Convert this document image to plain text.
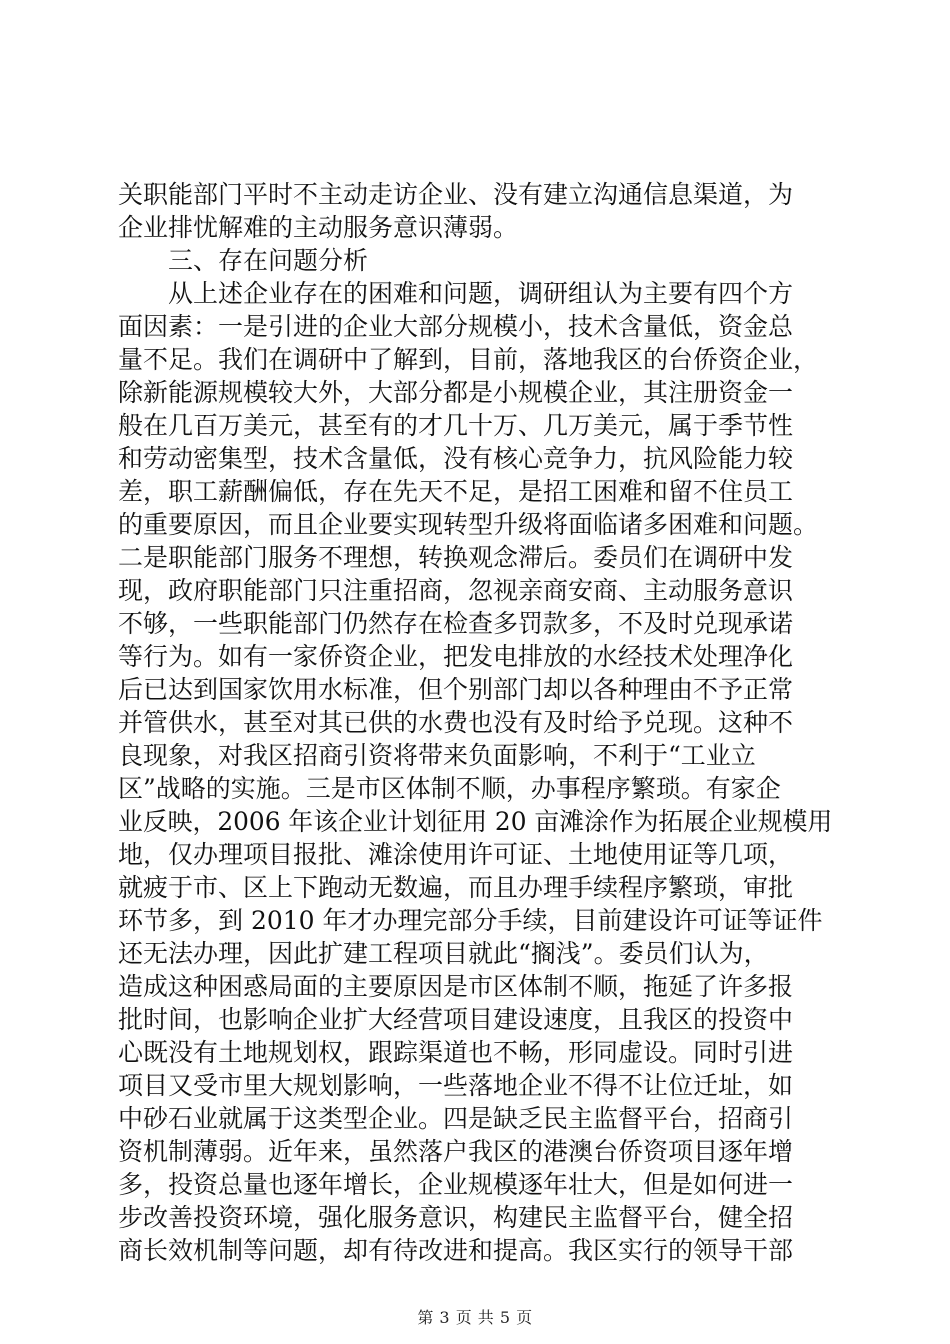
关职能部门平时不主动走访企业、没有建立沟通信息渠道，为
企业排忧解难的主动服务意识薄弱。
　　三、存在问题分析
　　从上述企业存在的困难和问题，调研组认为主要有四个方
面因素：一是引进的企业大部分规模小，技术含量低，资金总
量不足。我们在调研中了解到，目前，落地我区的台侨资企业，
除新能源规模较大外，大部分都是小规模企业，其注册资金一
般在几百万美元，甚至有的才几十万、几万美元，属于季节性
和劳动密集型，技术含量低，没有核心竞争力，抗风险能力较
差，职工薪酬偏低，存在先天不足，是招工困难和留不住员工
的重要原因，而且企业要实现转型升级将面临诸多困难和问题。
二是职能部门服务不理想，转换观念滞后。委员们在调研中发
现，政府职能部门只注重招商，忽视亲商安商、主动服务意识
不够，一些职能部门仍然存在检查多罚款多，不及时兑现承诺
等行为。如有一家侨资企业，把发电排放的水经技术处理净化
后已达到国家饮用水标准，但个别部门却以各种理由不予正常
并管供水，甚至对其已供的水费也没有及时给予兑现。这种不
良现象，对我区招商引资将带来负面影响，不利于“工业立
区”战略的实施。三是市区体制不顺，办事程序繁琐。有家企
业反映，2006 年该企业计划征用 20 亩滩涂作为拓展企业规模用
地，仅办理项目报批、滩涂使用许可证、土地使用证等几项，
就疲于市、区上下跑动无数遍，而且办理手续程序繁琐，审批
环节多，到 2010 年才办理完部分手续，目前建设许可证等证件
还无法办理，因此扩建工程项目就此“搁浅”。委员们认为，
造成这种困惑局面的主要原因是市区体制不顺，拖延了许多报
批时间，也影响企业扩大经营项目建设速度，且我区的投资中
心既没有土地规划权，跟踪渠道也不畅，形同虚设。同时引进
项目又受市里大规划影响，一些落地企业不得不让位迁址，如
中砂石业就属于这类型企业。四是缺乏民主监督平台，招商引
资机制薄弱。近年来，虽然落户我区的港澳台侨资项目逐年增
多，投资总量也逐年增长，企业规模逐年壮大，但是如何进一
步改善投资环境，强化服务意识，构建民主监督平台，健全招
商长效机制等问题，却有待改进和提高。我区实行的领导干部
第 3 页 共 5 页
